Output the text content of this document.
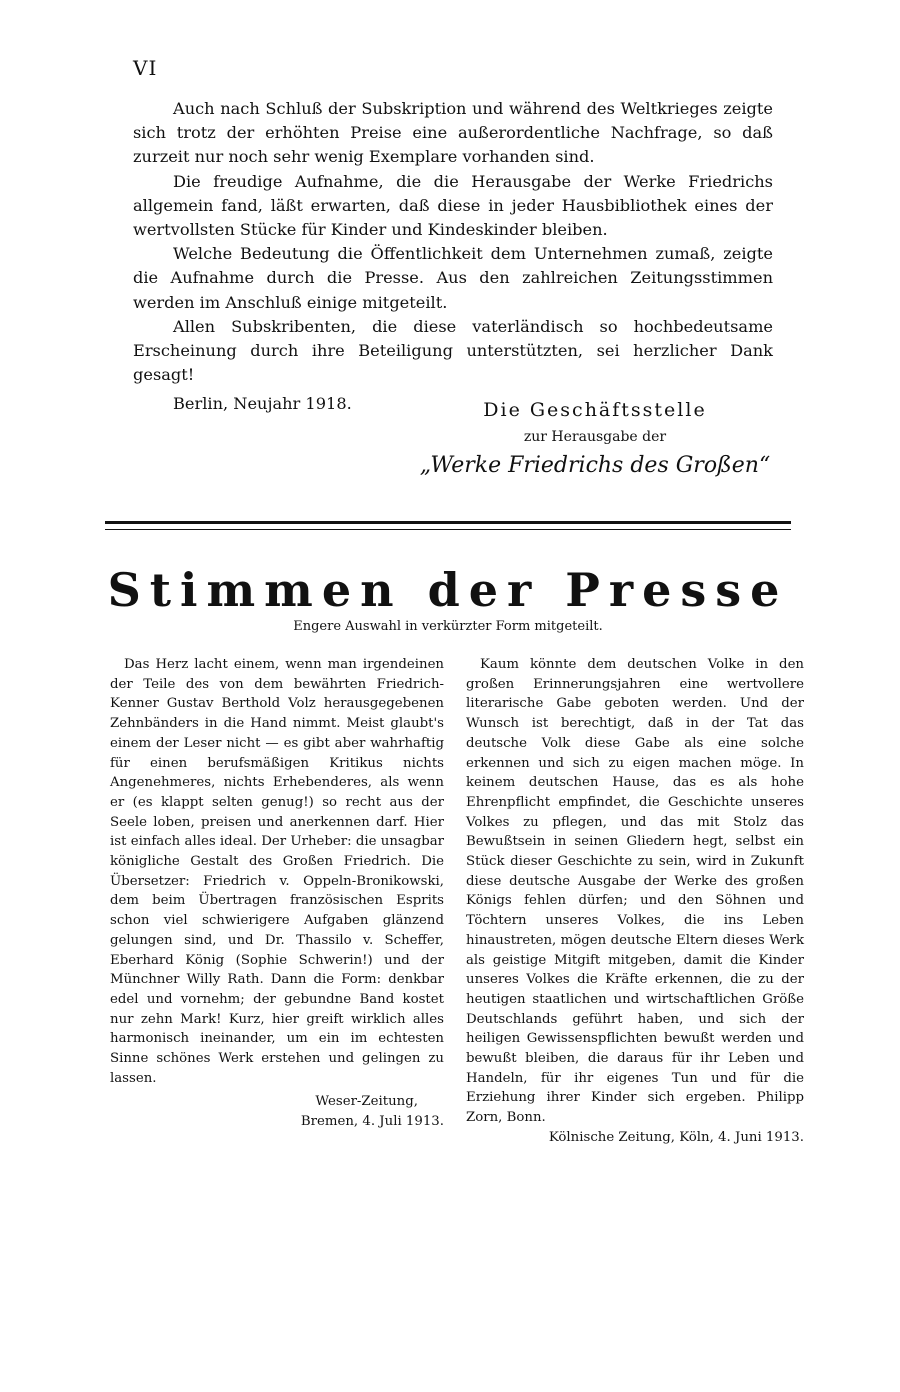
VI

Auch nach Schluß der Subskription und während des Weltkrieges zeigte sich trotz der erhöhten Preise eine außerordentliche Nachfrage, so daß zurzeit nur noch sehr wenig Exemplare vorhanden sind.

Die freudige Aufnahme, die die Herausgabe der Werke Friedrichs allgemein fand, läßt erwarten, daß diese in jeder Hausbibliothek eines der wertvollsten Stücke für Kinder und Kindeskinder bleiben.

Welche Bedeutung die Öffentlichkeit dem Unternehmen zumaß, zeigte die Aufnahme durch die Presse. Aus den zahlreichen Zeitungsstimmen werden im Anschluß einige mitgeteilt.

Allen Subskribenten, die diese vaterländisch so hochbedeutsame Erscheinung durch ihre Beteiligung unterstützten, sei herzlicher Dank gesagt!

Berlin, Neujahr 1918.	Die Geschäftsstelle
zur Herausgabe der
„Werke Friedrichs des Großen“
Stimmen der Presse
Engere Auswahl in verkürzter Form mitgeteilt.

Das Herz lacht einem, wenn man irgendeinen der Teile des von dem bewährten Friedrich-Kenner Gustav Berthold Volz herausgegebenen Zehnbänders in die Hand nimmt. Meist glaubt's einem der Leser nicht — es gibt aber wahrhaftig für einen berufsmäßigen Kritikus nichts Angenehmeres, nichts Erhebenderes, als wenn er (es klappt selten genug!) so recht aus der Seele loben, preisen und anerkennen darf. Hier ist einfach alles ideal. Der Urheber: die unsagbar königliche Gestalt des Großen Friedrich. Die Übersetzer: Friedrich v. Oppeln-Bronikowski, dem beim Übertragen französischen Esprits schon viel schwierigere Aufgaben glänzend gelungen sind, und Dr. Thassilo v. Scheffer, Eberhard König (Sophie Schwerin!) und der Münchner Willy Rath. Dann die Form: denkbar edel und vornehm; der gebundne Band kostet nur zehn Mark! Kurz, hier greift wirklich alles harmonisch ineinander, um ein im echtesten Sinne schönes Werk erstehen und gelingen zu lassen.

Weser-Zeitung,
Bremen, 4. Juli 1913.

Kaum könnte dem deutschen Volke in den großen Erinnerungsjahren eine wertvollere literarische Gabe geboten werden. Und der Wunsch ist berechtigt, daß in der Tat das deutsche Volk diese Gabe als eine solche erkennen und sich zu eigen machen möge. In keinem deutschen Hause, das es als hohe Ehrenpflicht empfindet, die Geschichte unseres Volkes zu pflegen, und das mit Stolz das Bewußtsein in seinen Gliedern hegt, selbst ein Stück dieser Geschichte zu sein, wird in Zukunft diese deutsche Ausgabe der Werke des großen Königs fehlen dürfen; und den Söhnen und Töchtern unseres Volkes, die ins Leben hinaustreten, mögen deutsche Eltern dieses Werk als geistige Mitgift mitgeben, damit die Kinder unseres Volkes die Kräfte erkennen, die zu der heutigen staatlichen und wirtschaftlichen Größe Deutschlands geführt haben, und sich der heiligen Gewissenspflichten bewußt werden und bewußt bleiben, die daraus für ihr Leben und Handeln, für ihr eigenes Tun und für die Erziehung ihrer Kinder sich ergeben. Philipp Zorn, Bonn.

Kölnische Zeitung, Köln, 4. Juni 1913.
